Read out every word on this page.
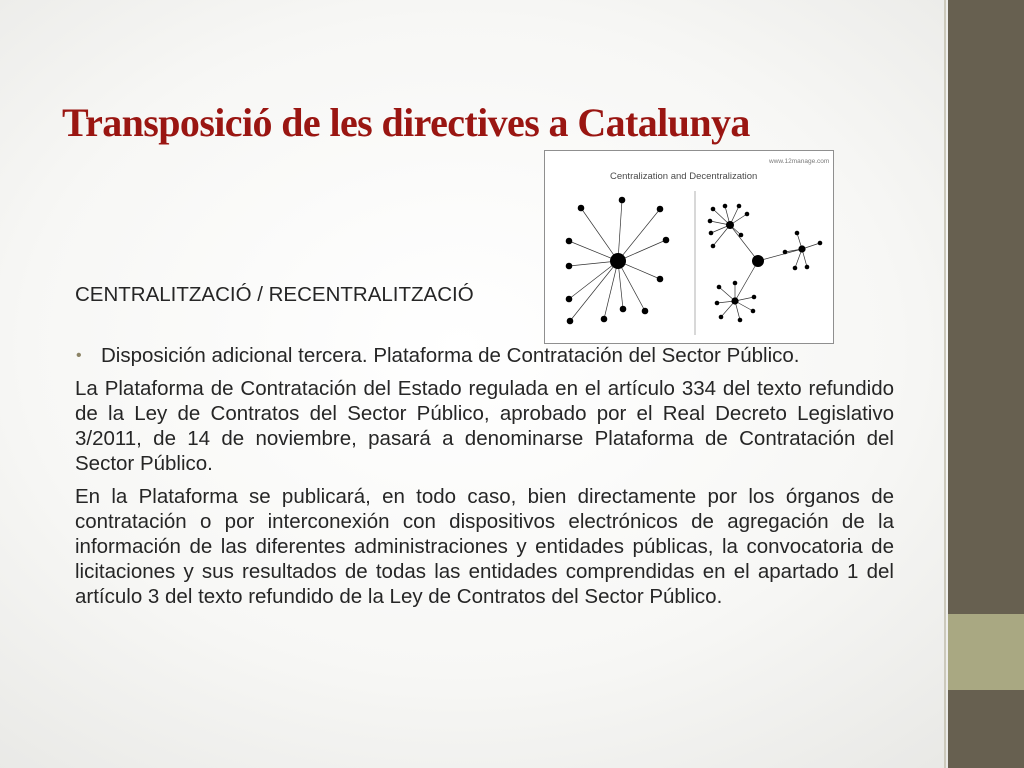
Transposició de les directives a Catalunya
www.12manage.com
Centralization and Decentralization
CENTRALITZACIÓ / RECENTRALITZACIÓ
• Disposición adicional tercera. Plataforma de Contratación del Sector Público.
La Plataforma de Contratación del Estado regulada en el artículo 334 del texto refundido de la Ley de Contratos del Sector Público, aprobado por el Real Decreto Legislativo 3/2011, de 14 de noviembre, pasará a denominarse Plataforma de Contratación del Sector Público.
En la Plataforma se publicará, en todo caso, bien directamente por los órganos de contratación o por interconexión con dispositivos electrónicos de agregación de la información de las diferentes administraciones y entidades públicas, la convocatoria de licitaciones y sus resultados de todas las entidades comprendidas en el apartado 1 del artículo 3 del texto refundido de la Ley de Contratos del Sector Público.
